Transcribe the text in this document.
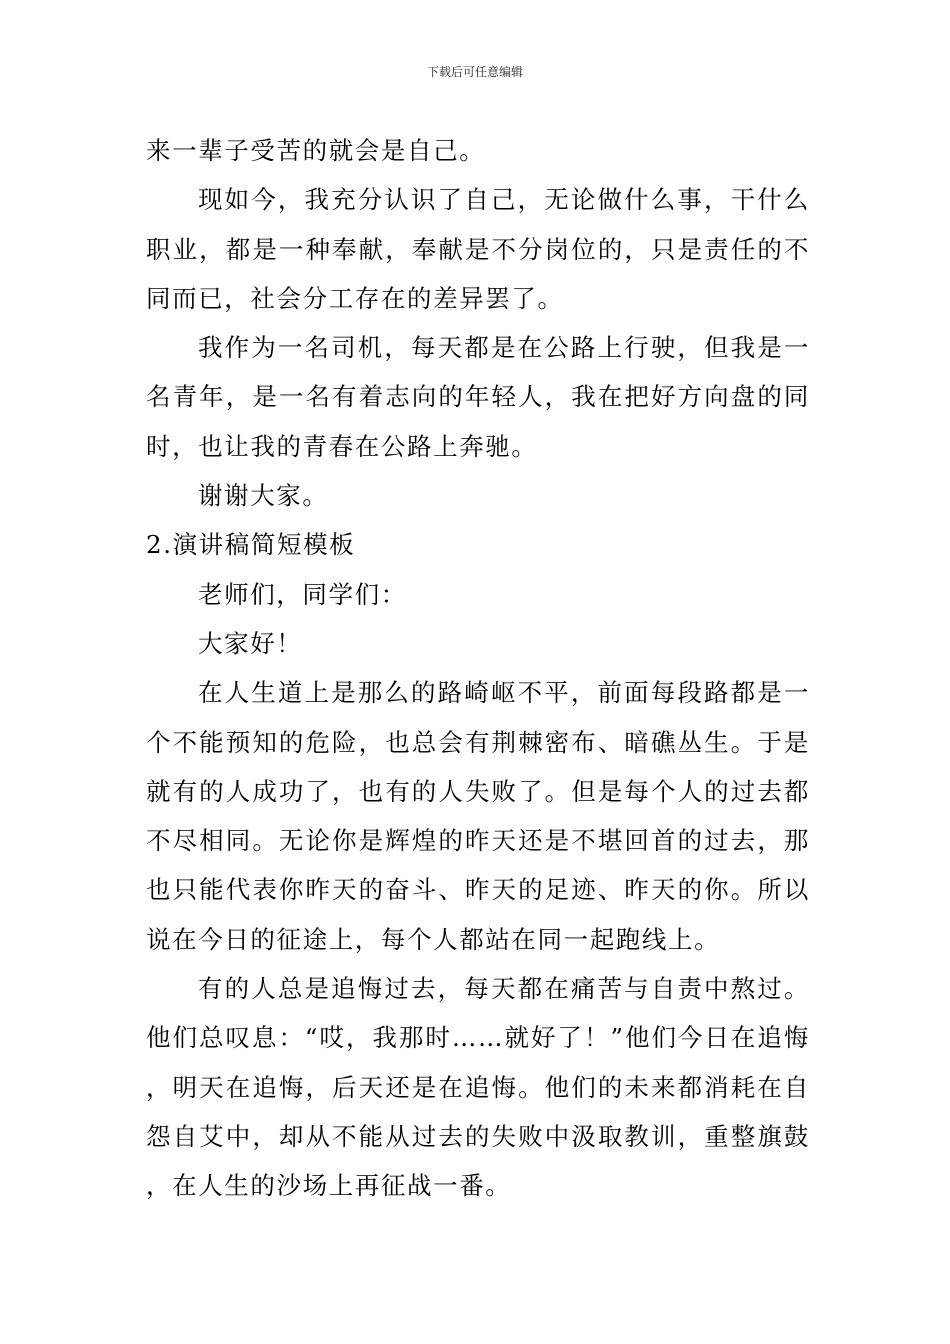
下载后可任意编辑

来一辈子受苦的就会是自己。

现如今，我充分认识了自己，无论做什么事，干什么职业，都是一种奉献，奉献是不分岗位的，只是责任的不同而已，社会分工存在的差异罢了。

我作为一名司机，每天都是在公路上行驶，但我是一名青年，是一名有着志向的年轻人，我在把好方向盘的同时，也让我的青春在公路上奔驰。

谢谢大家。

2.演讲稿简短模板

老师们，同学们：

大家好！

在人生道上是那么的路崎岖不平，前面每段路都是一个不能预知的危险，也总会有荆棘密布、暗礁丛生。于是就有的人成功了，也有的人失败了。但是每个人的过去都不尽相同。无论你是辉煌的昨天还是不堪回首的过去，那也只能代表你昨天的奋斗、昨天的足迹、昨天的你。所以说在今日的征途上，每个人都站在同一起跑线上。

有的人总是追悔过去，每天都在痛苦与自责中熬过。他们总叹息：“哎，我那时……就好了！”他们今日在追悔，明天在追悔，后天还是在追悔。他们的未来都消耗在自怨自艾中，却从不能从过去的失败中汲取教训，重整旗鼓，在人生的沙场上再征战一番。
